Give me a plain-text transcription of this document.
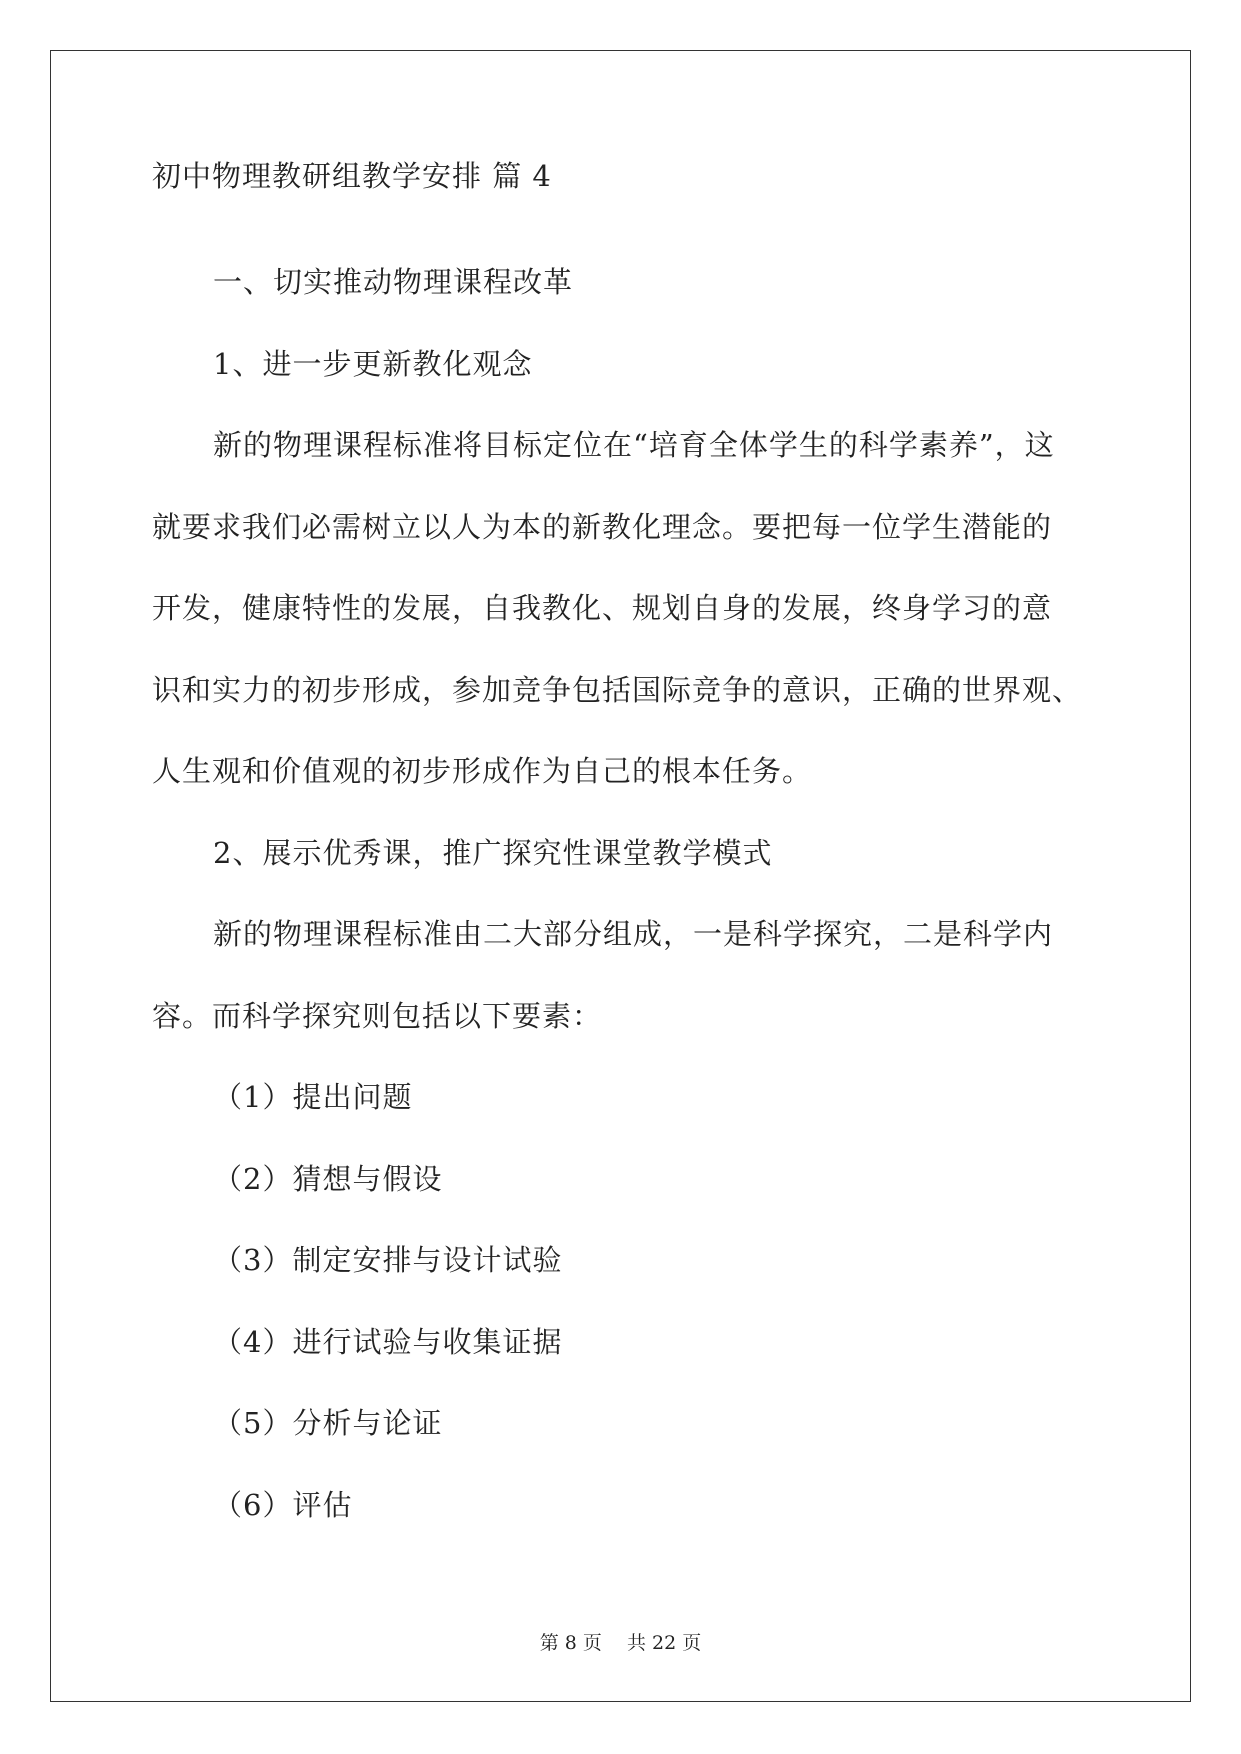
初中物理教研组教学安排 篇 4
一、切实推动物理课程改革
1、进一步更新教化观念
新的物理课程标准将目标定位在“培育全体学生的科学素养”，这
就要求我们必需树立以人为本的新教化理念。要把每一位学生潜能的
开发，健康特性的发展，自我教化、规划自身的发展，终身学习的意
识和实力的初步形成，参加竞争包括国际竞争的意识，正确的世界观、
人生观和价值观的初步形成作为自己的根本任务。
2、展示优秀课，推广探究性课堂教学模式
新的物理课程标准由二大部分组成，一是科学探究，二是科学内
容。而科学探究则包括以下要素：
（1）提出问题
（2）猜想与假设
（3）制定安排与设计试验
（4）进行试验与收集证据
（5）分析与论证
（6）评估
第 8 页　 共 22 页
